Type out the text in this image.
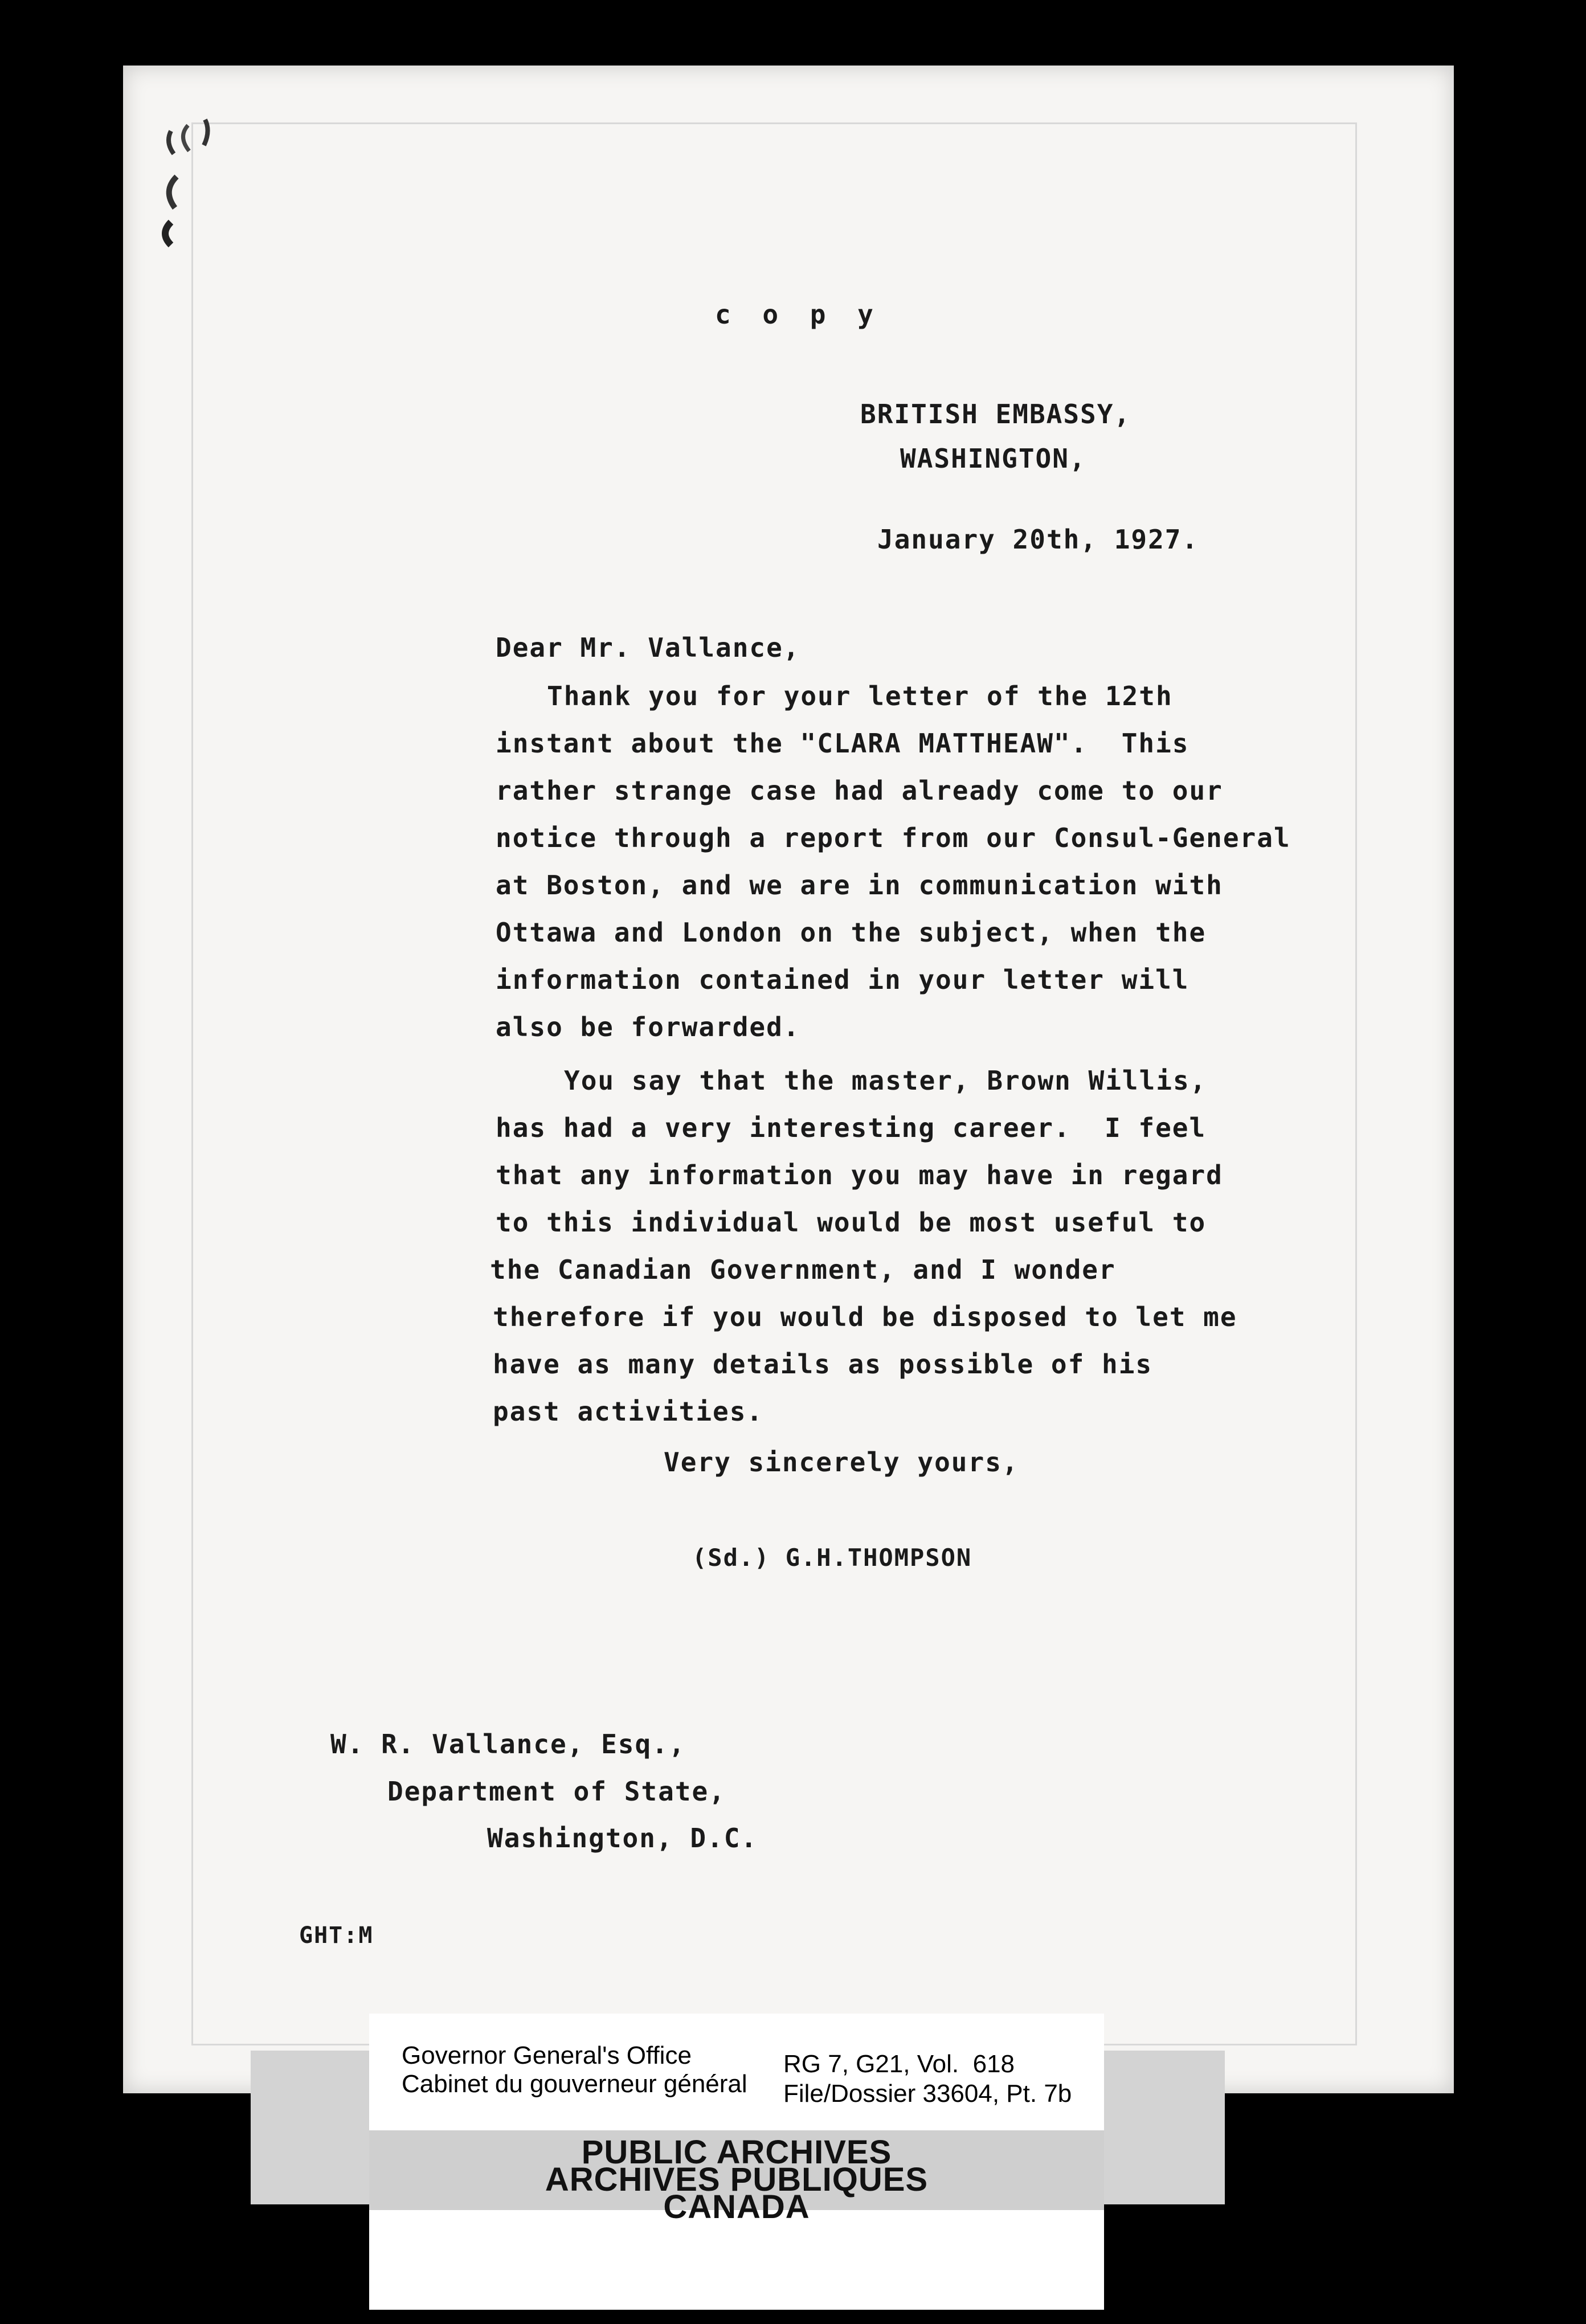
c o p y
BRITISH EMBASSY,
WASHINGTON,
January 20th, 1927.
Dear Mr. Vallance,
Thank you for your letter of the 12th
instant about the "CLARA MATTHEAW".  This
rather strange case had already come to our
notice through a report from our Consul-General
at Boston, and we are in communication with
Ottawa and London on the subject, when the
information contained in your letter will
also be forwarded.
You say that the master, Brown Willis,
has had a very interesting career.  I feel
that any information you may have in regard
to this individual would be most useful to
the Canadian Government, and I wonder
therefore if you would be disposed to let me
have as many details as possible of his
past activities.
Very sincerely yours,
(Sd.) G.H.THOMPSON
W. R. Vallance, Esq.,
Department of State,
Washington, D.C.
GHT:M
Governor General's Office
Cabinet du gouverneur général
RG 7, G21, Vol.  618
File/Dossier 33604, Pt. 7b
PUBLIC ARCHIVES
ARCHIVES PUBLIQUES
CANADA
